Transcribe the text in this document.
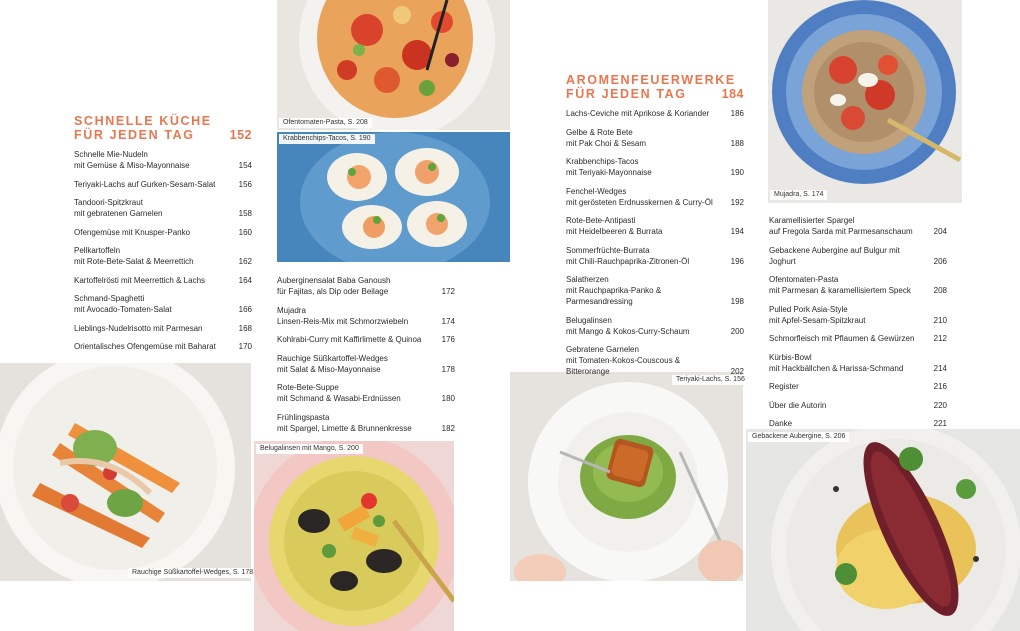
Ofentomaten-Pasta, S. 208
Krabbenchips-Tacos, S. 190
Rauchige Süßkartoffel-Wedges, S. 178
Belugalinsen mit Mango, S. 200
Teriyaki-Lachs, S. 156
Mujadra, S. 174
Gebackene Aubergine, S. 206
SCHNELLE KÜCHE
FÜR JEDEN TAG	152
AROMENFEUERWERKE
FÜR JEDEN TAG	184
Schnelle Mie-Nudeln
mit Gemüse & Miso-Mayonnaise	154
Teriyaki-Lachs auf Gurken-Sesam-Salat	156
Tandoori-Spitzkraut
mit gebratenen Garnelen	158
Ofengemüse mit Knusper-Panko	160
Pellkartoffeln
mit Rote-Bete-Salat & Meerrettich	162
Kartoffelrösti mit Meerrettich & Lachs	164
Schmand-Spaghetti
mit Avocado-Tomaten-Salat	166
Lieblings-Nudelrisotto mit Parmesan	168
Orientalisches Ofengemüse mit Baharat	170
Auberginensalat Baba Ganoush
für Fajitas, als Dip oder Beilage	172
Mujadra
Linsen-Reis-Mix mit Schmorzwiebeln	174
Kohlrabi-Curry mit Kaffirlimette & Quinoa	176
Rauchige Süßkartoffel-Wedges
mit Salat & Miso-Mayonnaise	178
Rote-Bete-Suppe
mit Schmand & Wasabi-Erdnüssen	180
Frühlingspasta
mit Spargel, Limette & Brunnenkresse	182
Lachs-Ceviche mit Aprikose & Koriander	186
Gelbe & Rote Bete
mit Pak Choi & Sesam	188
Krabbenchips-Tacos
mit Teriyaki-Mayonnaise	190
Fenchel-Wedges
mit gerösteten Erdnusskernen & Curry-Öl	192
Rote-Bete-Antipasti
mit Heidelbeeren & Burrata	194
Sommerfrüchte-Burrata
mit Chili-Rauchpaprika-Zitronen-Öl	196
Salatherzen
mit Rauchpaprika-Panko & Parmesandressing	198
Belugalinsen
mit Mango & Kokos-Curry-Schaum	200
Gebratene Garnelen
mit Tomaten-Kokos-Couscous & Bitterorange	202
Karamellisierter Spargel
auf Fregola Sarda mit Parmesanschaum	204
Gebackene Aubergine auf Bulgur mit Joghurt	206
Ofentomaten-Pasta
mit Parmesan & karamellisiertem Speck	208
Pulled Pork Asia-Style
mit Apfel-Sesam-Spitzkraut	210
Schmorfleisch mit Pflaumen & Gewürzen	212
Kürbis-Bowl
mit Hackbällchen & Harissa-Schmand	214
Register	216
Über die Autorin	220
Danke	221
